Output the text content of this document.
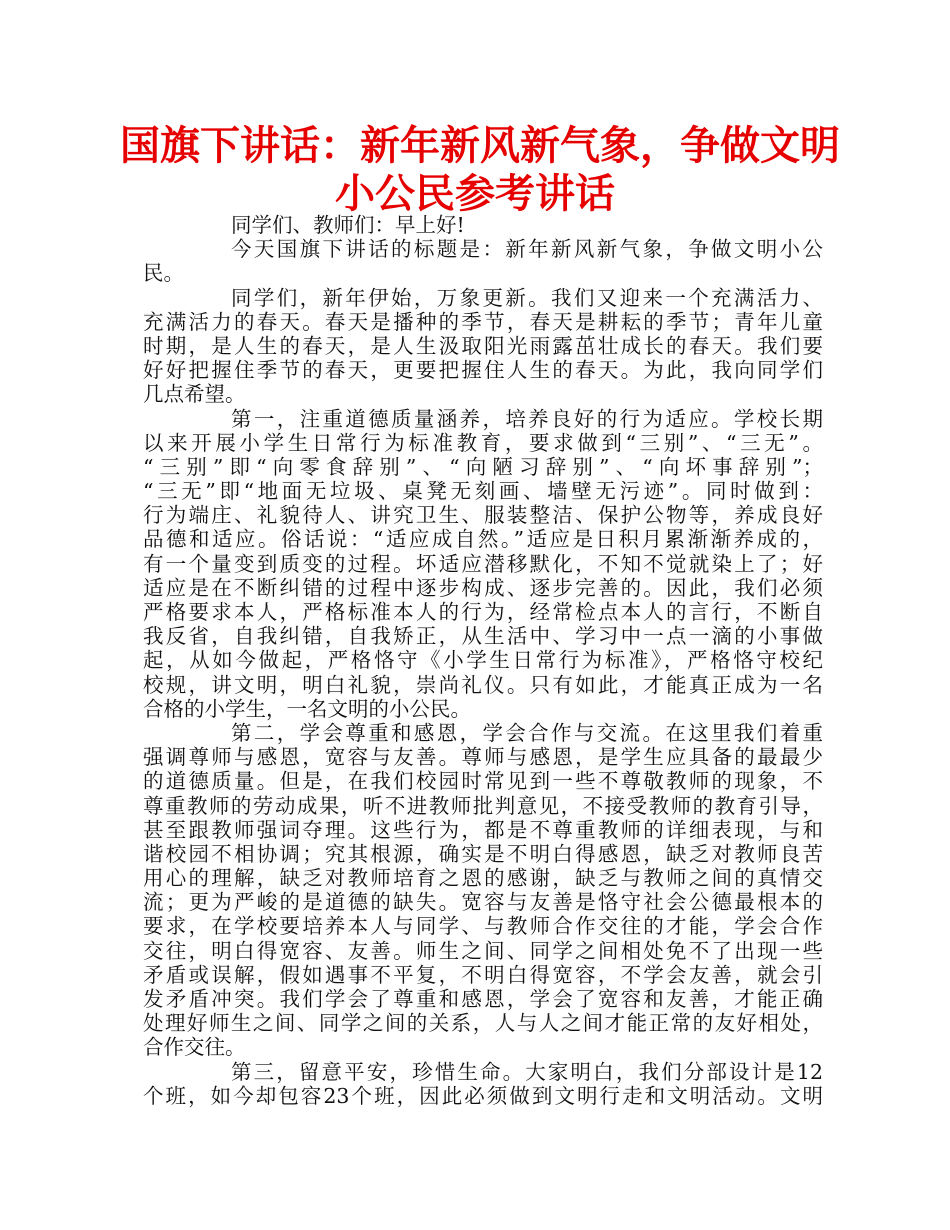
国旗下讲话：新年新风新气象，争做文明
小公民参考讲话
同学们、教师们：早上好!
今天国旗下讲话的标题是：新年新风新气象，争做文明小公
民。
同学们，新年伊始，万象更新。我们又迎来一个充满活力、
充满活力的春天。春天是播种的季节，春天是耕耘的季节；青年儿童
时期，是人生的春天，是人生汲取阳光雨露茁壮成长的春天。我们要
好好把握住季节的春天，更要把握住人生的春天。为此，我向同学们
几点希望。
第一，注重道德质量涵养，培养良好的行为适应。学校长期
以来开展小学生日常行为标准教育，要求做到“三别”、“三无”。
“三别”即“向零食辞别”、“向陋习辞别”、“向坏事辞别”；
“三无”即“地面无垃圾、桌凳无刻画、墙壁无污迹”。同时做到：
行为端庄、礼貌待人、讲究卫生、服装整洁、保护公物等，养成良好
品德和适应。俗话说：“适应成自然。”适应是日积月累渐渐养成的，
有一个量变到质变的过程。坏适应潜移默化，不知不觉就染上了；好
适应是在不断纠错的过程中逐步构成、逐步完善的。因此，我们必须
严格要求本人，严格标准本人的行为，经常检点本人的言行，不断自
我反省，自我纠错，自我矫正，从生活中、学习中一点一滴的小事做
起，从如今做起，严格恪守《小学生日常行为标准》，严格恪守校纪
校规，讲文明，明白礼貌，崇尚礼仪。只有如此，才能真正成为一名
合格的小学生，一名文明的小公民。
第二，学会尊重和感恩，学会合作与交流。在这里我们着重
强调尊师与感恩，宽容与友善。尊师与感恩，是学生应具备的最最少
的道德质量。但是，在我们校园时常见到一些不尊敬教师的现象，不
尊重教师的劳动成果，听不进教师批判意见，不接受教师的教育引导，
甚至跟教师强词夺理。这些行为，都是不尊重教师的详细表现，与和
谐校园不相协调；究其根源，确实是不明白得感恩，缺乏对教师良苦
用心的理解，缺乏对教师培育之恩的感谢，缺乏与教师之间的真情交
流；更为严峻的是道德的缺失。宽容与友善是恪守社会公德最根本的
要求，在学校要培养本人与同学、与教师合作交往的才能，学会合作
交往，明白得宽容、友善。师生之间、同学之间相处免不了出现一些
矛盾或误解，假如遇事不平复，不明白得宽容，不学会友善，就会引
发矛盾冲突。我们学会了尊重和感恩，学会了宽容和友善，才能正确
处理好师生之间、同学之间的关系，人与人之间才能正常的友好相处，
合作交往。
第三，留意平安，珍惜生命。大家明白，我们分部设计是12
个班，如今却包容23个班，因此必须做到文明行走和文明活动。文明
